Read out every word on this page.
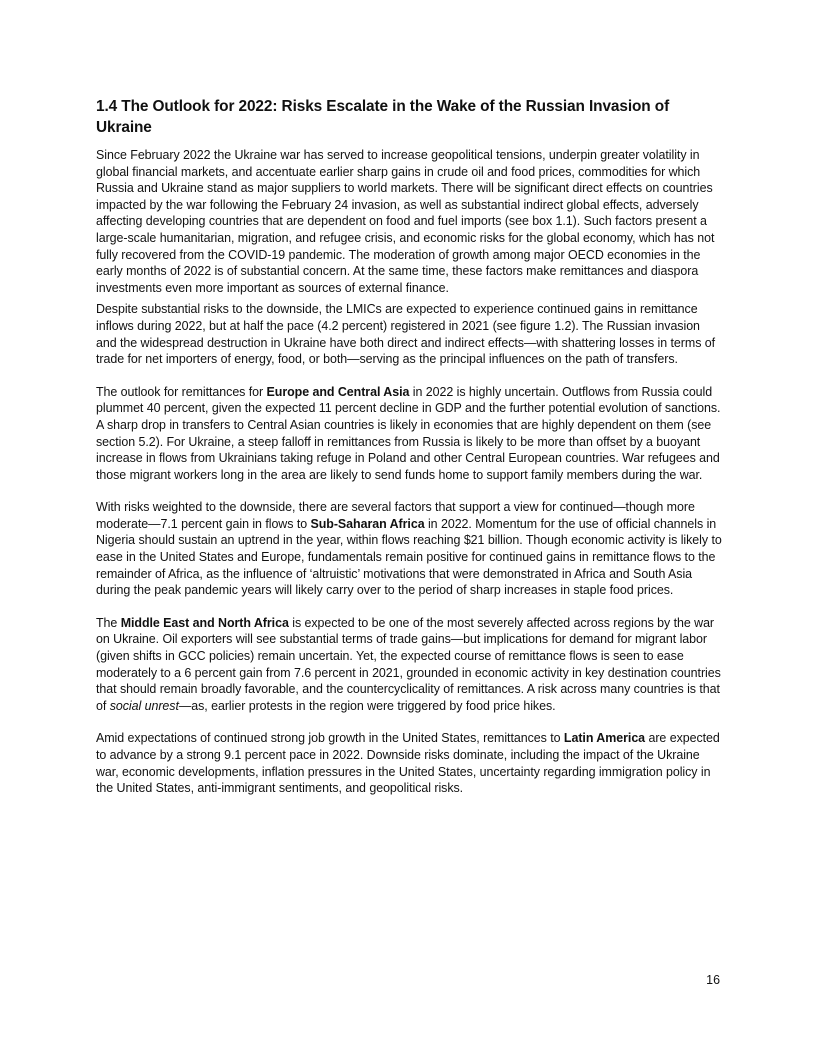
1.4 The Outlook for 2022: Risks Escalate in the Wake of the Russian Invasion of Ukraine

Since February 2022 the Ukraine war has served to increase geopolitical tensions, underpin greater volatility in global financial markets, and accentuate earlier sharp gains in crude oil and food prices, commodities for which Russia and Ukraine stand as major suppliers to world markets. There will be significant direct effects on countries impacted by the war following the February 24 invasion, as well as substantial indirect global effects, adversely affecting developing countries that are dependent on food and fuel imports (see box 1.1). Such factors present a large-scale humanitarian, migration, and refugee crisis, and economic risks for the global economy, which has not fully recovered from the COVID-19 pandemic. The moderation of growth among major OECD economies in the early months of 2022 is of substantial concern. At the same time, these factors make remittances and diaspora investments even more important as sources of external finance.

Despite substantial risks to the downside, the LMICs are expected to experience continued gains in remittance inflows during 2022, but at half the pace (4.2 percent) registered in 2021 (see figure 1.2). The Russian invasion and the widespread destruction in Ukraine have both direct and indirect effects—with shattering losses in terms of trade for net importers of energy, food, or both—serving as the principal influences on the path of transfers.

The outlook for remittances for Europe and Central Asia in 2022 is highly uncertain. Outflows from Russia could plummet 40 percent, given the expected 11 percent decline in GDP and the further potential evolution of sanctions. A sharp drop in transfers to Central Asian countries is likely in economies that are highly dependent on them (see section 5.2). For Ukraine, a steep falloff in remittances from Russia is likely to be more than offset by a buoyant increase in flows from Ukrainians taking refuge in Poland and other Central European countries. War refugees and those migrant workers long in the area are likely to send funds home to support family members during the war.

With risks weighted to the downside, there are several factors that support a view for continued—though more moderate—7.1 percent gain in flows to Sub-Saharan Africa in 2022. Momentum for the use of official channels in Nigeria should sustain an uptrend in the year, within flows reaching $21 billion. Though economic activity is likely to ease in the United States and Europe, fundamentals remain positive for continued gains in remittance flows to the remainder of Africa, as the influence of ‘altruistic’ motivations that were demonstrated in Africa and South Asia during the peak pandemic years will likely carry over to the period of sharp increases in staple food prices.

The Middle East and North Africa is expected to be one of the most severely affected across regions by the war on Ukraine. Oil exporters will see substantial terms of trade gains—but implications for demand for migrant labor (given shifts in GCC policies) remain uncertain. Yet, the expected course of remittance flows is seen to ease moderately to a 6 percent gain from 7.6 percent in 2021, grounded in economic activity in key destination countries that should remain broadly favorable, and the countercyclicality of remittances. A risk across many countries is that of social unrest—as, earlier protests in the region were triggered by food price hikes.

Amid expectations of continued strong job growth in the United States, remittances to Latin America are expected to advance by a strong 9.1 percent pace in 2022. Downside risks dominate, including the impact of the Ukraine war, economic developments, inflation pressures in the United States, uncertainty regarding immigration policy in the United States, anti-immigrant sentiments, and geopolitical risks.

16
